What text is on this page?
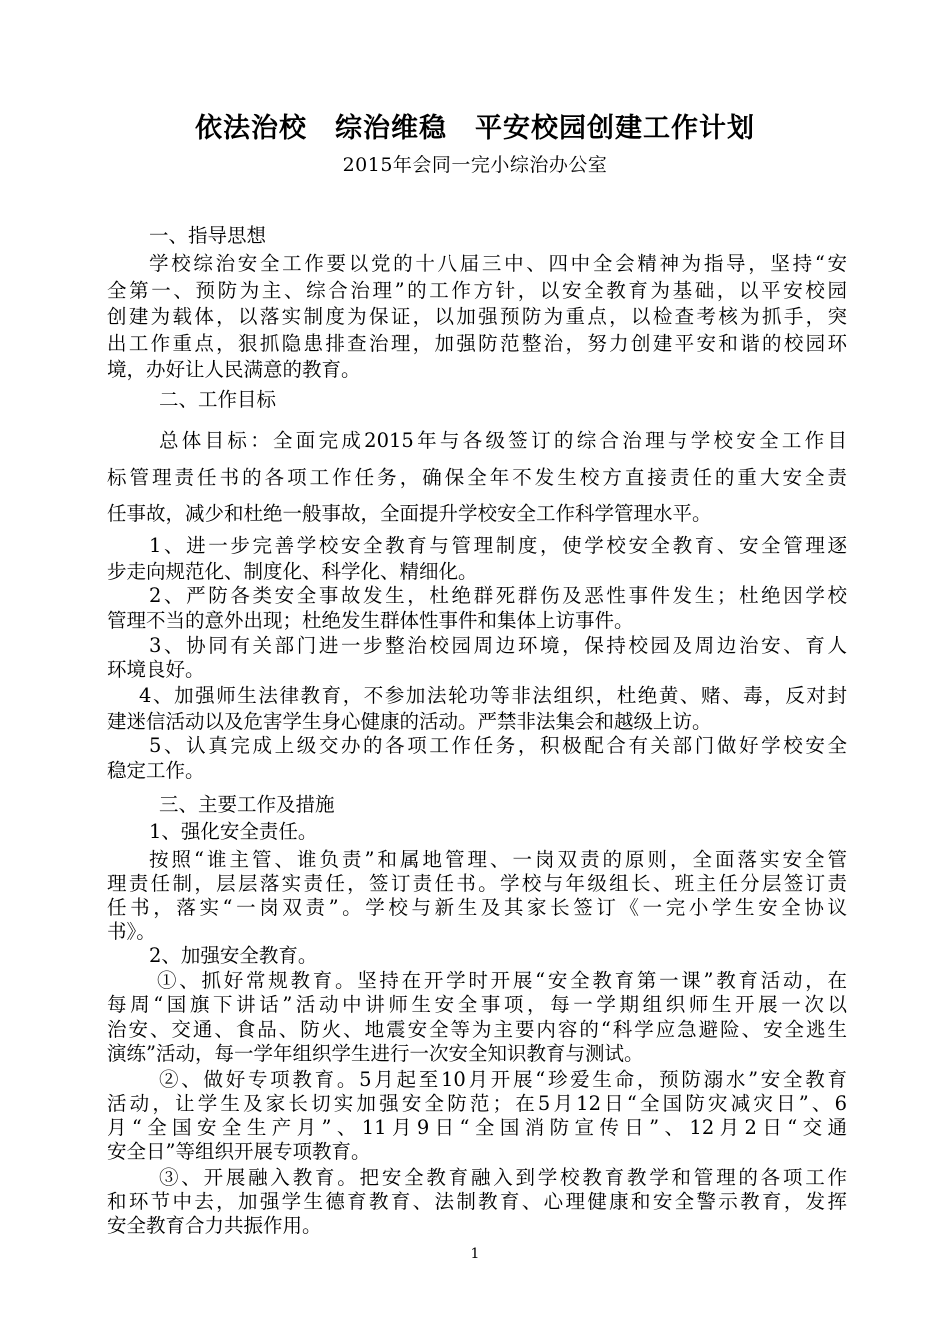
依法治校　综治维稳　平安校园创建工作计划
2015年会同一完小综治办公室
一、指导思想
学校综治安全工作要以党的十八届三中、四中全会精神为指导，坚持“安
全第一、预防为主、综合治理”的工作方针，以安全教育为基础，以平安校园
创建为载体，以落实制度为保证，以加强预防为重点，以检查考核为抓手，突
出工作重点，狠抓隐患排查治理，加强防范整治，努力创建平安和谐的校园环
境，办好让人民满意的教育。
二、工作目标
总体目标：全面完成2015年与各级签订的综合治理与学校安全工作目
标管理责任书的各项工作任务，确保全年不发生校方直接责任的重大安全责
任事故，减少和杜绝一般事故，全面提升学校安全工作科学管理水平。
1、进一步完善学校安全教育与管理制度，使学校安全教育、安全管理逐
步走向规范化、制度化、科学化、精细化。
2、严防各类安全事故发生，杜绝群死群伤及恶性事件发生；杜绝因学校
管理不当的意外出现；杜绝发生群体性事件和集体上访事件。
3、协同有关部门进一步整治校园周边环境，保持校园及周边治安、育人
环境良好。
4、加强师生法律教育，不参加法轮功等非法组织，杜绝黄、赌、毒，反对封
建迷信活动以及危害学生身心健康的活动。严禁非法集会和越级上访。
5、认真完成上级交办的各项工作任务，积极配合有关部门做好学校安全
稳定工作。
三、主要工作及措施
1、强化安全责任。
按照“谁主管、谁负责”和属地管理、一岗双责的原则，全面落实安全管
理责任制，层层落实责任，签订责任书。学校与年级组长、班主任分层签订责
任书，落实“一岗双责”。学校与新生及其家长签订《一完小学生安全协议
书》。
2、加强安全教育。
①、抓好常规教育。坚持在开学时开展“安全教育第一课”教育活动，在
每周“国旗下讲话”活动中讲师生安全事项，每一学期组织师生开展一次以
治安、交通、食品、防火、地震安全等为主要内容的“科学应急避险、安全逃生
演练”活动，每一学年组织学生进行一次安全知识教育与测试。
②、做好专项教育。5月起至10月开展“珍爱生命，预防溺水”安全教育
活动，让学生及家长切实加强安全防范；在5月12日“全国防灾减灾日”、6
月“全国安全生产月”、11月9日“全国消防宣传日”、12月2日“交通
安全日”等组织开展专项教育。
③、开展融入教育。把安全教育融入到学校教育教学和管理的各项工作
和环节中去，加强学生德育教育、法制教育、心理健康和安全警示教育，发挥
安全教育合力共振作用。
1
